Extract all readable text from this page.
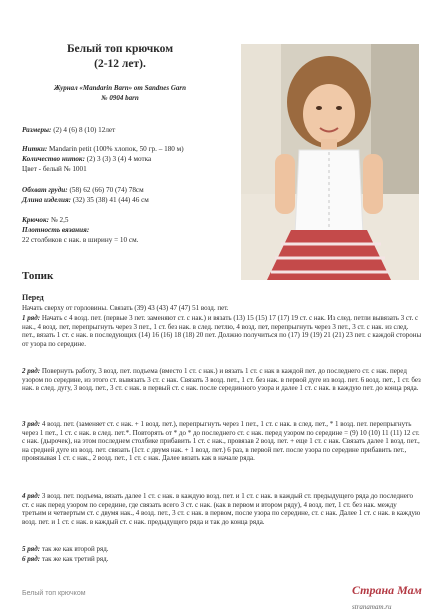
Белый топ крючком
(2-12 лет).
Журнал «Mandarin Barn» от Sandnes Garn
№ 0904 barn
Размеры: (2) 4 (6) 8 (10) 12лет
Нитки: Mandarin petit (100% хлопок, 50 гр. – 180 м)
Количество ниток: (2) 3 (3) 3 (4) 4 мотка
Цвет - белый № 1001
Обхват груди: (58) 62 (66) 70 (74) 78см
Длина изделия: (32) 35 (38) 41 (44) 46 см
Крючок: № 2,5
Плотность вязания:
22 столбиков с нак. в ширину = 10 см.
Топик
Перед
Начать сверху от горловины. Связать (39) 43 (43) 47 (47) 51 возд. пет.
1 ряд: Начать с 4 возд. пет. (первые 3 пет. заменяют ст. с нак.) и вязать (13) 15 (15) 17 (17) 19 ст. с нак. Из след. петли вывязать 3 ст. с нак., 4 возд. пет, перепрыгнуть через 3 пет., 1 ст. без нак. в след. петлю, 4 возд. пет, перепрыгнуть через 3 пет., 3 ст. с нак. из след. пет., вязать 1 ст. с нак. в последующих (14) 16 (16) 18 (18) 20 пет. Должно получиться по (17) 19 (19) 21 (21) 23 пет. с каждой стороны от узора по середине.
2 ряд: Повернуть работу, 3 возд. пет. подъема (вместо 1 ст. с нак.) и вязать 1 ст. с нак в каждой пет. до последнего ст. с нак. перед узором по середине, из этого ст. вывязать 3 ст. с нак. Связать 3 возд. пет., 1 ст. без нак. в первой дуге из возд. пет. 6 возд. пет., 1 ст. без нак. в след. дугу, 3 возд. пет., 3 ст. с нак. в первый ст. с нак. после серединного узора и далее 1 ст. с нак. в каждую пет. до конца ряда.
3 ряд: 4 возд. пет. (заменяет ст. с нак. + 1 возд. пет.), перепрыгнуть через 1 пет., 1 ст. с нак. в след. пет., * 1 возд. пет. перепрыгнуть через 1 пет., 1 ст. с нак. в след. пет.*. Повторять от * до * до последнего ст. с нак. перед узором по середине = (9) 10 (10) 11 (11) 12 ст. с нак. (дырочек), на этом последнем столбике прибавить 1 ст. с нак., провязав 2 возд. пет. + еще 1 ст. с нак. Связать далее 1 возд. пет., на средней дуге из возд. пет. связать (1ст. с двумя нак. + 1 возд. пет.) 6 раз, в первой пет. после узора по середине прибавить пет., провязывая 1 ст. с нак., 2 возд. пет., 1 ст. с нак. Далее вязать как в начале ряда.
4 ряд: 3 возд. пет. подъема, вязать далее 1 ст. с нак. в каждую возд. пет. и 1 ст. с нак. в каждый ст. предыдущего ряда до последнего ст. с нак перед узором по середине, где связать всего 3 ст. с нак. (как в первом и втором ряду), 4 возд. пет, 1 ст. без нак. между третьим и четвертым ст. с двумя нак., 4 возд. пет., 3 ст. с нак. в первом, после узора по середине, ст. с нак. Далее 1 ст. с нак. в каждую возд. пет. и 1 ст. с нак. в каждый ст. с нак. предыдущего ряда и так до конца ряда.
5 ряд: так же как второй ряд.
6 ряд: так же как третий ряд.
Белый топ крючком	Страна Мам
stranamam.ru
